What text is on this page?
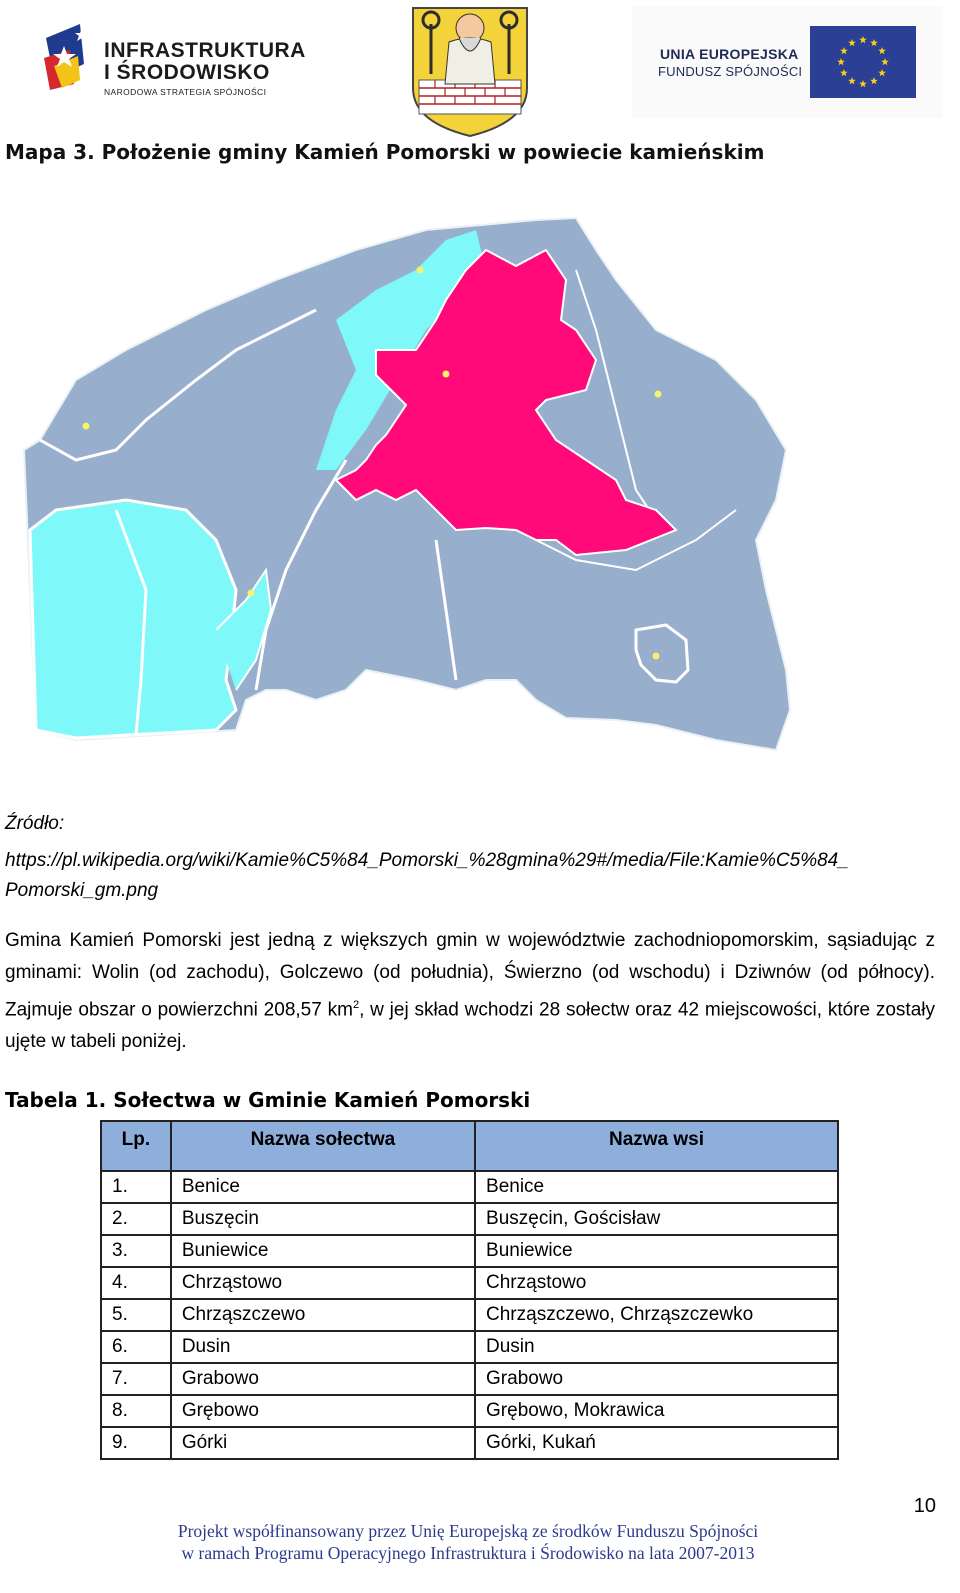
INFRASTRUKTURA
I ŚRODOWISKO
NARODOWA STRATEGIA SPÓJNOŚCI
UNIA EUROPEJSKA
FUNDUSZ SPÓJNOŚCI
Mapa 3. Położenie gminy Kamień Pomorski w powiecie kamieńskim
Źródło:
https://pl.wikipedia.org/wiki/Kamie%C5%84_Pomorski_%28gmina%29#/media/File:Kamie%C5%84_ Pomorski_gm.png
Gmina Kamień Pomorski jest jedną z większych gmin w województwie zachodniopomorskim, sąsiadując z gminami: Wolin (od zachodu), Golczewo (od południa), Świerzno (od wschodu) i Dziwnów (od północy). Zajmuje obszar o powierzchni 208,57 $km^2$, w jej skład wchodzi 28 sołectw oraz 42 miejscowości, które zostały ujęte w tabeli poniżej.
Tabela 1. Sołectwa w Gminie Kamień Pomorski
Lp.	Nazwa sołectwa	Nazwa wsi
1.	Benice	Benice
2.	Buszęcin	Buszęcin, Gościsław
3.	Buniewice	Buniewice
4.	Chrząstowo	Chrząstowo
5.	Chrząszczewo	Chrząszczewo, Chrząszczewko
6.	Dusin	Dusin
7.	Grabowo	Grabowo
8.	Grębowo	Grębowo, Mokrawica
9.	Górki	Górki, Kukań
10
Projekt współfinansowany przez Unię Europejską ze środków Funduszu Spójności
w ramach Programu Operacyjnego Infrastruktura i Środowisko na lata 2007-2013
